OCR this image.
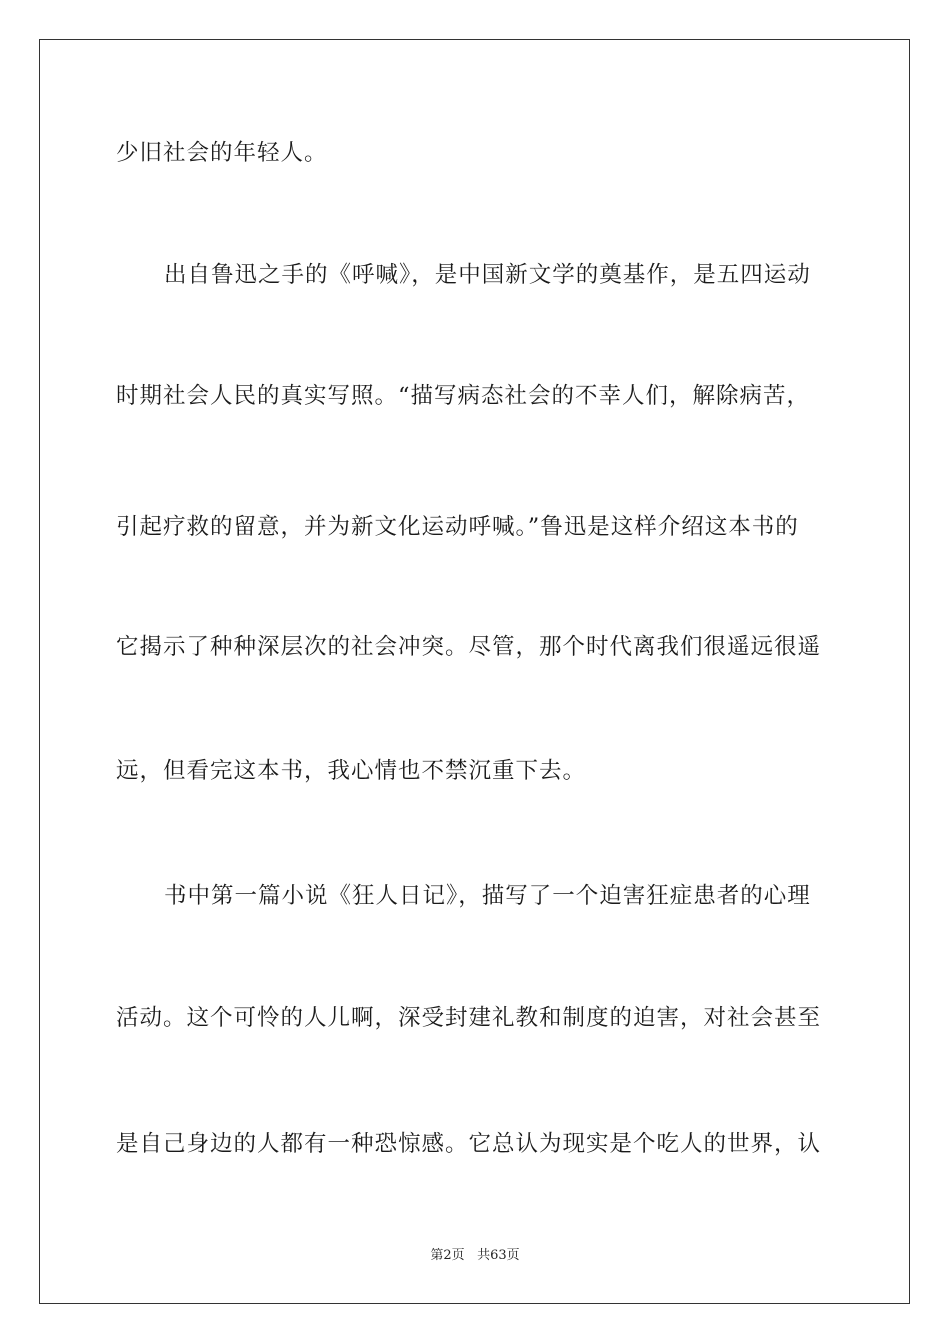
少旧社会的年轻人。
出自鲁迅之手的《呼喊》，是中国新文学的奠基作，是五四运动
时期社会人民的真实写照。“描写病态社会的不幸人们，解除病苦，
引起疗救的留意，并为新文化运动呼喊。”鲁迅是这样介绍这本书的
它揭示了种种深层次的社会冲突。尽管，那个时代离我们很遥远很遥
远，但看完这本书，我心情也不禁沉重下去。
书中第一篇小说《狂人日记》，描写了一个迫害狂症患者的心理
活动。这个可怜的人儿啊，深受封建礼教和制度的迫害，对社会甚至
是自己身边的人都有一种恐惊感。它总认为现实是个吃人的世界，认
第2页 共63页
